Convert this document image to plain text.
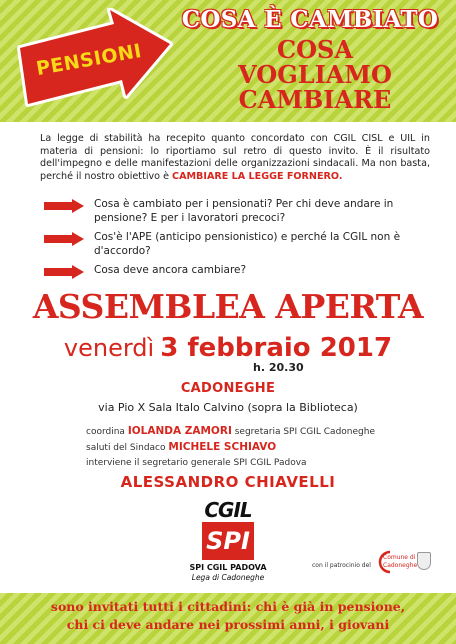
PENSIONI
COSA È CAMBIATO
COSA
VOGLIAMO
CAMBIARE

La legge di stabilità ha recepito quanto concordato con CGIL CISL e UIL in materia di pensioni: lo riportiamo sul retro di questo invito. È il risultato dell'impegno e delle manifestazioni delle organizzazioni sindacali. Ma non basta, perché il nostro obiettivo è CAMBIARE LA LEGGE FORNERO.

Cosa è cambiato per i pensionati? Per chi deve andare in pensione? E per i lavoratori precoci?
Cos'è l'APE (anticipo pensionistico) e perché la CGIL non è d'accordo?
Cosa deve ancora cambiare?
ASSEMBLEA APERTA
venerdì 3 febbraio 2017
h. 20.30
CADONEGHE
via Pio X Sala Italo Calvino (sopra la Biblioteca)
coordina IOLANDA ZAMORI segretaria SPI CGIL Cadoneghe
saluti del Sindaco MICHELE SCHIAVO
interviene il segretario generale SPI CGIL Padova
ALESSANDRO CHIAVELLI
CGIL
SPI
SPI CGIL PADOVA
Lega di Cadoneghe
con il patrocinio del
Comune di
Cadoneghe
sono invitati tutti i cittadini: chi è già in pensione,
chi ci deve andare nei prossimi anni, i giovani
